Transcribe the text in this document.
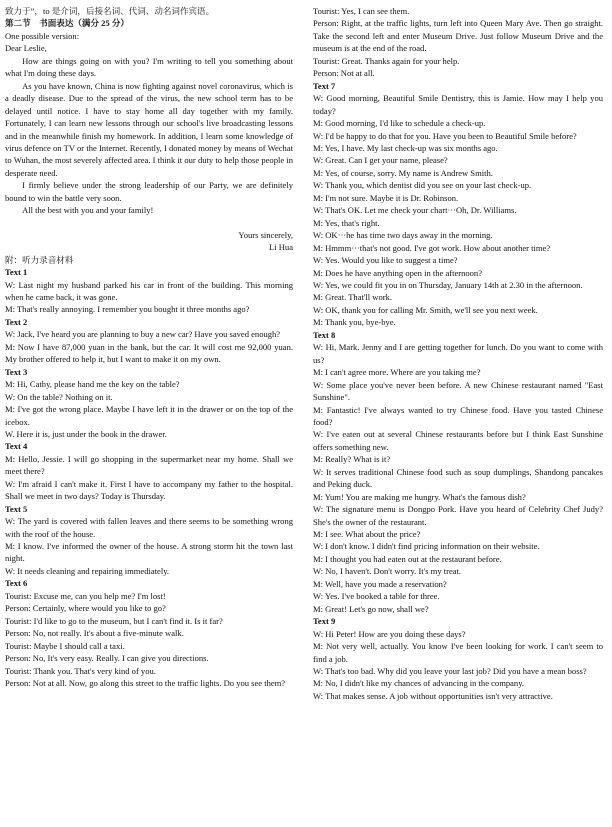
致力于”，to 是介词，后接名词、代词、动名词作宾语。

第二节　书面表达（满分 25 分）

One possible version:

Dear Leslie,

How are things going on with you? I'm writing to tell you something about what I'm doing these days.

As you have known, China is now fighting against novel coronavirus, which is a deadly disease. Due to the spread of the virus, the new school term has to be delayed until notice. I have to stay home all day together with my family. Fortunately, I can learn new lessons through our school's live broadcasting lessons and in the meanwhile finish my homework. In addition, I learn some knowledge of virus defence on TV or the Internet. Recently, I donated money by means of Wechat to Wuhan, the most severely affected area. I think it our duty to help those people in desperate need.

I firmly believe under the strong leadership of our Party, we are definitely bound to win the battle very soon.

All the best with you and your family!

Yours sincerely,

Li Hua

附：听力录音材料

Text 1

W: Last night my husband parked his car in front of the building. This morning when he came back, it was gone.

M: That's really annoying. I remember you bought it three months ago?

Text 2

W: Jack, I've heard you are planning to buy a new car? Have you saved enough?

M: Now I have 87,000 yuan in the bank, but the car. It will cost me 92,000 yuan. My brother offered to help it, but I want to make it on my own.

Text 3

M: Hi, Cathy, please hand me the key on the table?

W: On the table? Nothing on it.

M: I've got the wrong place. Maybe I have left it in the drawer or on the top of the icebox.

W. Here it is, just under the book in the drawer.

Text 4

M: Hello, Jessie. I will go shopping in the supermarket near my home. Shall we meet there?

W: I'm afraid I can't make it. First I have to accompany my father to the hospital. Shall we meet in two days? Today is Thursday.

Text 5

W: The yard is covered with fallen leaves and there seems to be something wrong with the roof of the house.

M: I know. I've informed the owner of the house. A strong storm hit the town last night.

W: It needs cleaning and repairing immediately.

Text 6

Tourist: Excuse me, can you help me? I'm lost!

Person: Certainly, where would you like to go?

Tourist: I'd like to go to the museum, but I can't find it. Is it far?

Person: No, not really. It's about a five-minute walk.

Tourist: Maybe I should call a taxi.

Person: No, It's very easy. Really. I can give you directions.

Tourist: Thank you. That's very kind of you.

Person: Not at all. Now, go along this street to the traffic lights. Do you see them?

Tourist: Yes, I can see them.

Person: Right, at the traffic lights, turn left into Queen Mary Ave. Then go straight. Take the second left and enter Museum Drive. Just follow Museum Drive and the museum is at the end of the road.

Tourist: Great. Thanks again for your help.

Person: Not at all.

Text 7

W: Good morning, Beautiful Smile Dentistry, this is Jamie. How may I help you today?

M: Good morning, I'd like to schedule a check-up.

W: I'd be happy to do that for you. Have you been to Beautiful Smile before?

M: Yes, I have. My last check-up was six months ago.

W: Great. Can I get your name, please?

M: Yes, of course, sorry. My name is Andrew Smith.

W: Thank you, which dentist did you see on your last check-up.

M: I'm not sure. Maybe it is Dr. Robinson.

W: That's OK. Let me check your chart···Oh, Dr. Williams.

M: Yes, that's right.

W: OK···he has time two days away in the morning.

M: Hmmm···that's not good. I've got work. How about another time?

W: Yes. Would you like to suggest a time?

M: Does he have anything open in the afternoon?

W: Yes, we could fit you in on Thursday, January 14th at 2.30 in the afternoon.

M: Great. That'll work.

W: OK, thank you for calling Mr. Smith, we'll see you next week.

M: Thank you, bye-bye.

Text 8

W: Hi, Mark. Jenny and I are getting together for lunch. Do you want to come with us?

M: I can't agree more. Where are you taking me?

W: Some place you've never been before. A new Chinese restaurant named "East Sunshine".

M: Fantastic! I've always wanted to try Chinese food. Have you tasted Chinese food?

W: I've eaten out at several Chinese restaurants before but I think East Sunshine offers something new.

M: Really? What is it?

W: It serves traditional Chinese food such as soup dumplings, Shandong pancakes and Peking duck.

M: Yum! You are making me hungry. What's the famous dish?

W: The signature menu is Dongpo Pork. Have you heard of Celebrity Chef Judy? She's the owner of the restaurant.

M: I see. What about the price?

W: I don't know. I didn't find pricing information on their website.

M: I thought you had eaten out at the restaurant before.

W: No, I haven't. Don't worry. It's my treat.

M: Well, have you made a reservation?

W: Yes. I've booked a table for three.

M: Great! Let's go now, shall we?

Text 9

W: Hi Peter! How are you doing these days?

M: Not very well, actually. You know I've been looking for work. I can't seem to find a job.

W: That's too bad. Why did you leave your last job? Did you have a mean boss?

M: No, I didn't like my chances of advancing in the company.

W: That makes sense. A job without opportunities isn't very attractive.
